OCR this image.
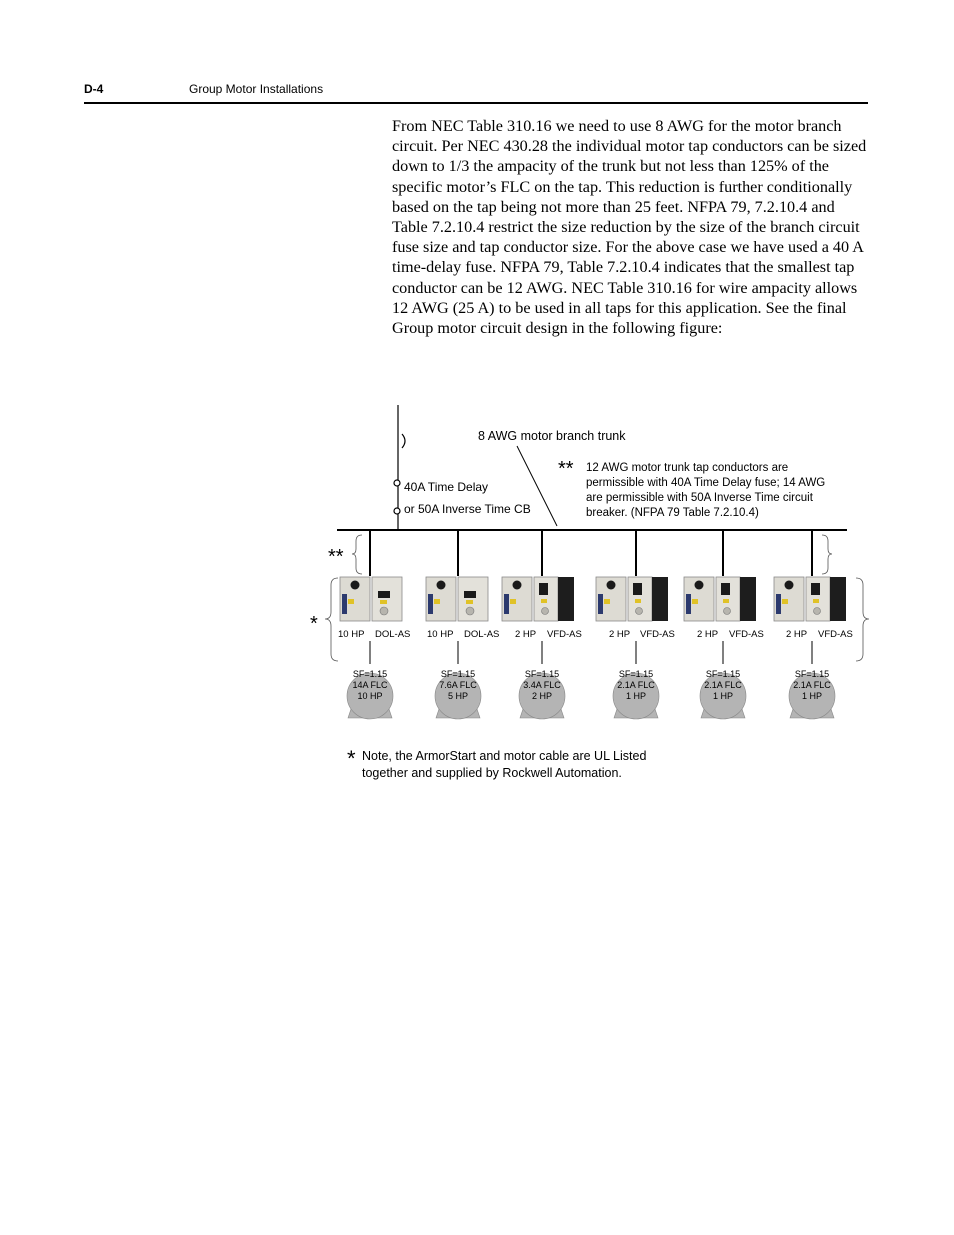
D-4	Group Motor Installations

From NEC Table 310.16 we need to use 8 AWG for the motor branch circuit. Per NEC 430.28 the individual motor tap conductors can be sized down to 1/3 the ampacity of the trunk but not less than 125% of the specific motor’s FLC on the tap. This reduction is further conditionally based on the tap being not more than 25 feet. NFPA 79, 7.2.10.4 and Table 7.2.10.4 restrict the size reduction by the size of the branch circuit fuse size and tap conductor size. For the above case we have used a 40 A time-delay fuse. NFPA 79, Table 7.2.10.4 indicates that the smallest tap conductor can be 12 AWG. NEC Table 310.16 for wire ampacity allows 12 AWG (25 A) to be used in all taps for this application. See the final Group motor circuit design in the following figure:

40A Time Delay
or 50A Inverse Time CB
8 AWG motor branch trunk
** 12 AWG motor trunk tap conductors are
permissible with 40A Time Delay fuse; 14 AWG
are permissible with 50A Inverse Time circuit
breaker. (NFPA 79 Table 7.2.10.4)
**
* 10 HP DOL-AS
SF=1.15
14A FLC
10 HP
10 HP DOL-AS
SF=1.15
7.6A FLC
5 HP
2 HP VFD-AS
SF=1.15
3.4A FLC
2 HP
2 HP VFD-AS
SF=1.15
2.1A FLC
1 HP
2 HP VFD-AS
SF=1.15
2.1A FLC
1 HP
2 HP VFD-AS
SF=1.15
2.1A FLC
1 HP
* Note, the ArmorStart and motor cable are UL Listed
together and supplied by Rockwell Automation.
